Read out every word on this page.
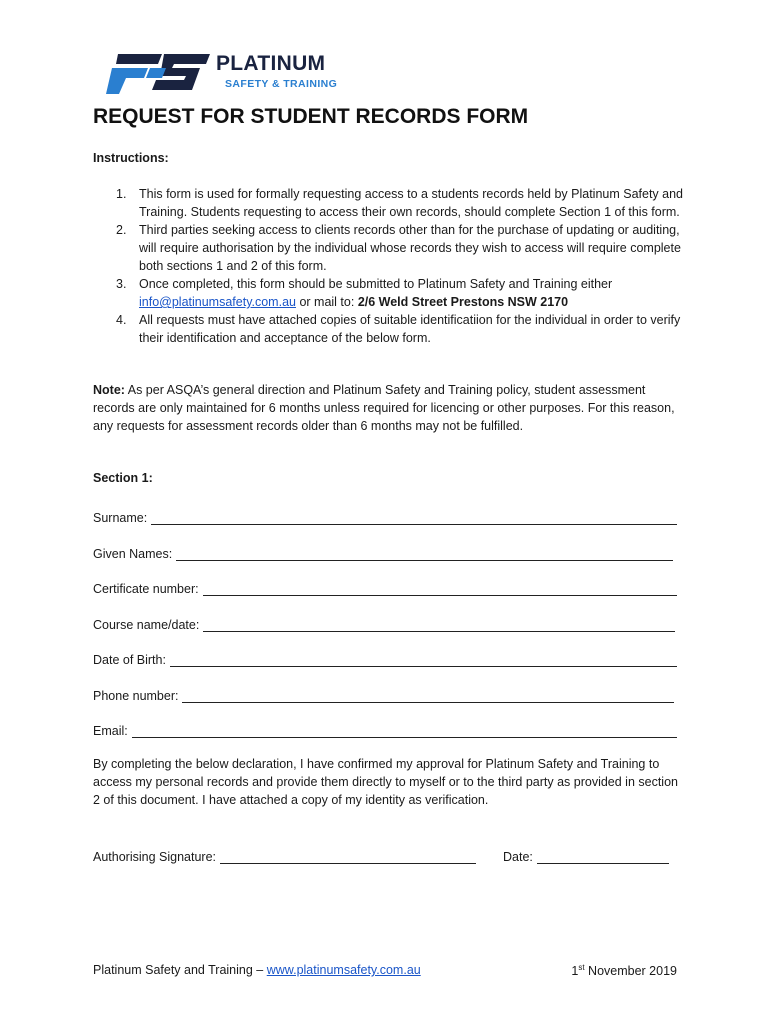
PLATINUM
SAFETY & TRAINING
REQUEST FOR STUDENT RECORDS FORM
Instructions:
1. This form is used for formally requesting access to a students records held by Platinum Safety and Training. Students requesting to access their own records, should complete Section 1 of this form.
2. Third parties seeking access to clients records other than for the purchase of updating or auditing, will require authorisation by the individual whose records they wish to access will require complete both sections 1 and 2 of this form.
3. Once completed, this form should be submitted to Platinum Safety and Training either info@platinumsafety.com.au or mail to: 2/6 Weld Street Prestons NSW 2170
4. All requests must have attached copies of suitable identificatiion for the individual in order to verify their identification and acceptance of the below form.
Note: As per ASQA’s general direction and Platinum Safety and Training policy, student assessment records are only maintained for 6 months unless required for licencing or other purposes. For this reason, any requests for assessment records older than 6 months may not be fulfilled.
Section 1:
Surname:
Given Names:
Certificate number:
Course name/date:
Date of Birth:
Phone number:
Email:
By completing the below declaration, I have confirmed my approval for Platinum Safety and Training to access my personal records and provide them directly to myself or to the third party as provided in section 2 of this document. I have attached a copy of my identity as verification.
Authorising Signature:	Date:
Platinum Safety and Training – www.platinumsafety.com.au	1st November 2019
